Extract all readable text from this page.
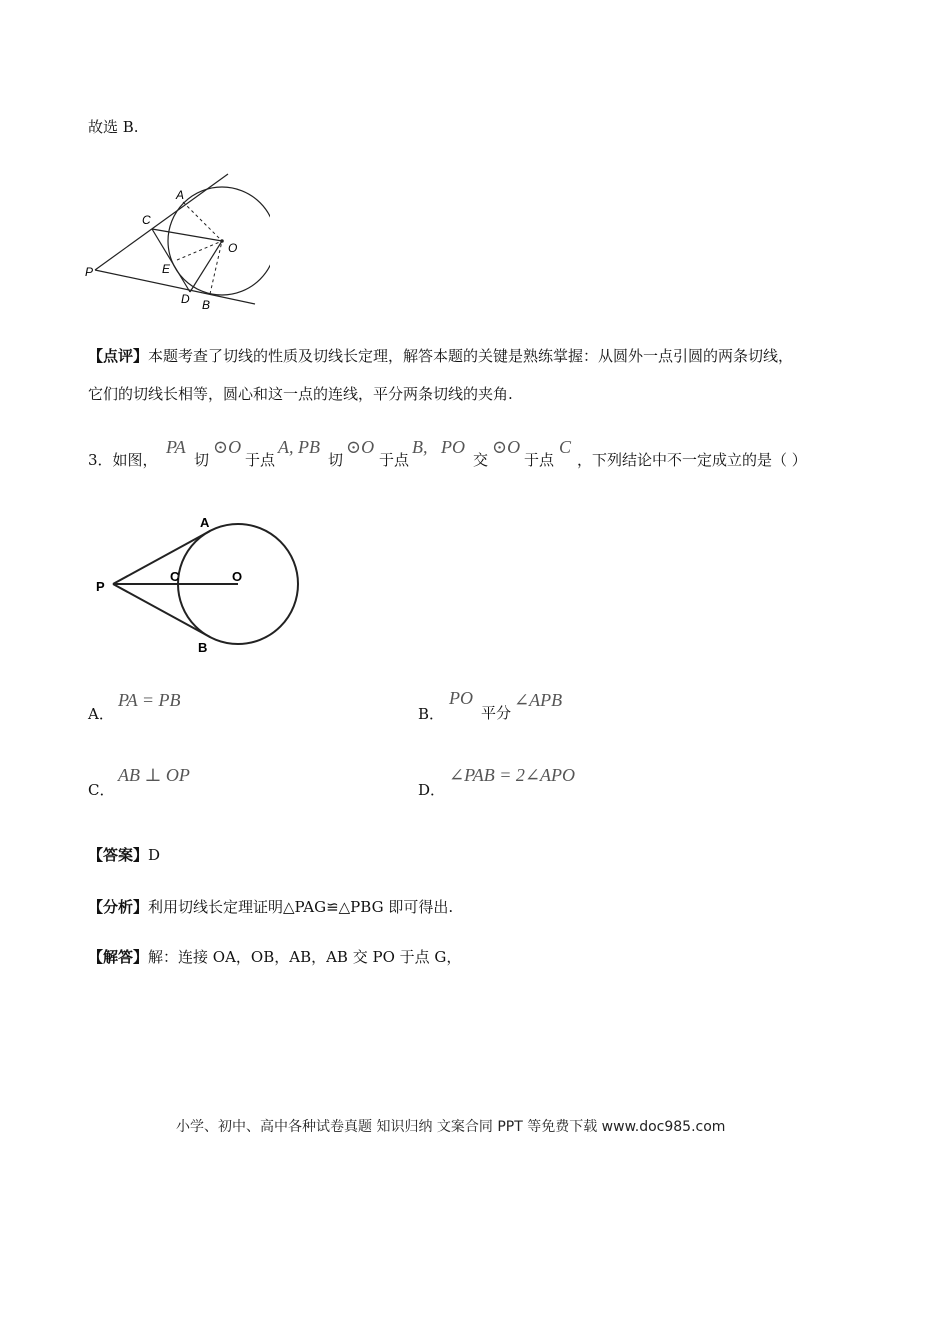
故选 B.
A
C
O
P	E
D B
【点评】本题考查了切线的性质及切线长定理，解答本题的关键是熟练掌握：从圆外一点引圆的两条切线，
它们的切线长相等，圆心和这一点的连线，平分两条切线的夹角.
3．如图，
PA
切
⊙O
于点
A, PB
切
⊙O
于点
B, PO
交
⊙O
于点
C
，下列结论中不一定成立的是（ ）
A
P
C	O
B
A．
PA = PB
B．
PO
平分
∠APB
C．
AB ⊥ OP
D．
∠PAB = 2∠APO
【答案】D
【分析】利用切线长定理证明△PAG≌△PBG 即可得出.
【解答】解：连接 OA，OB，AB，AB 交 PO 于点 G，
小学、初中、高中各种试卷真题 知识归纳 文案合同 PPT 等免费下载 www.doc985.com
